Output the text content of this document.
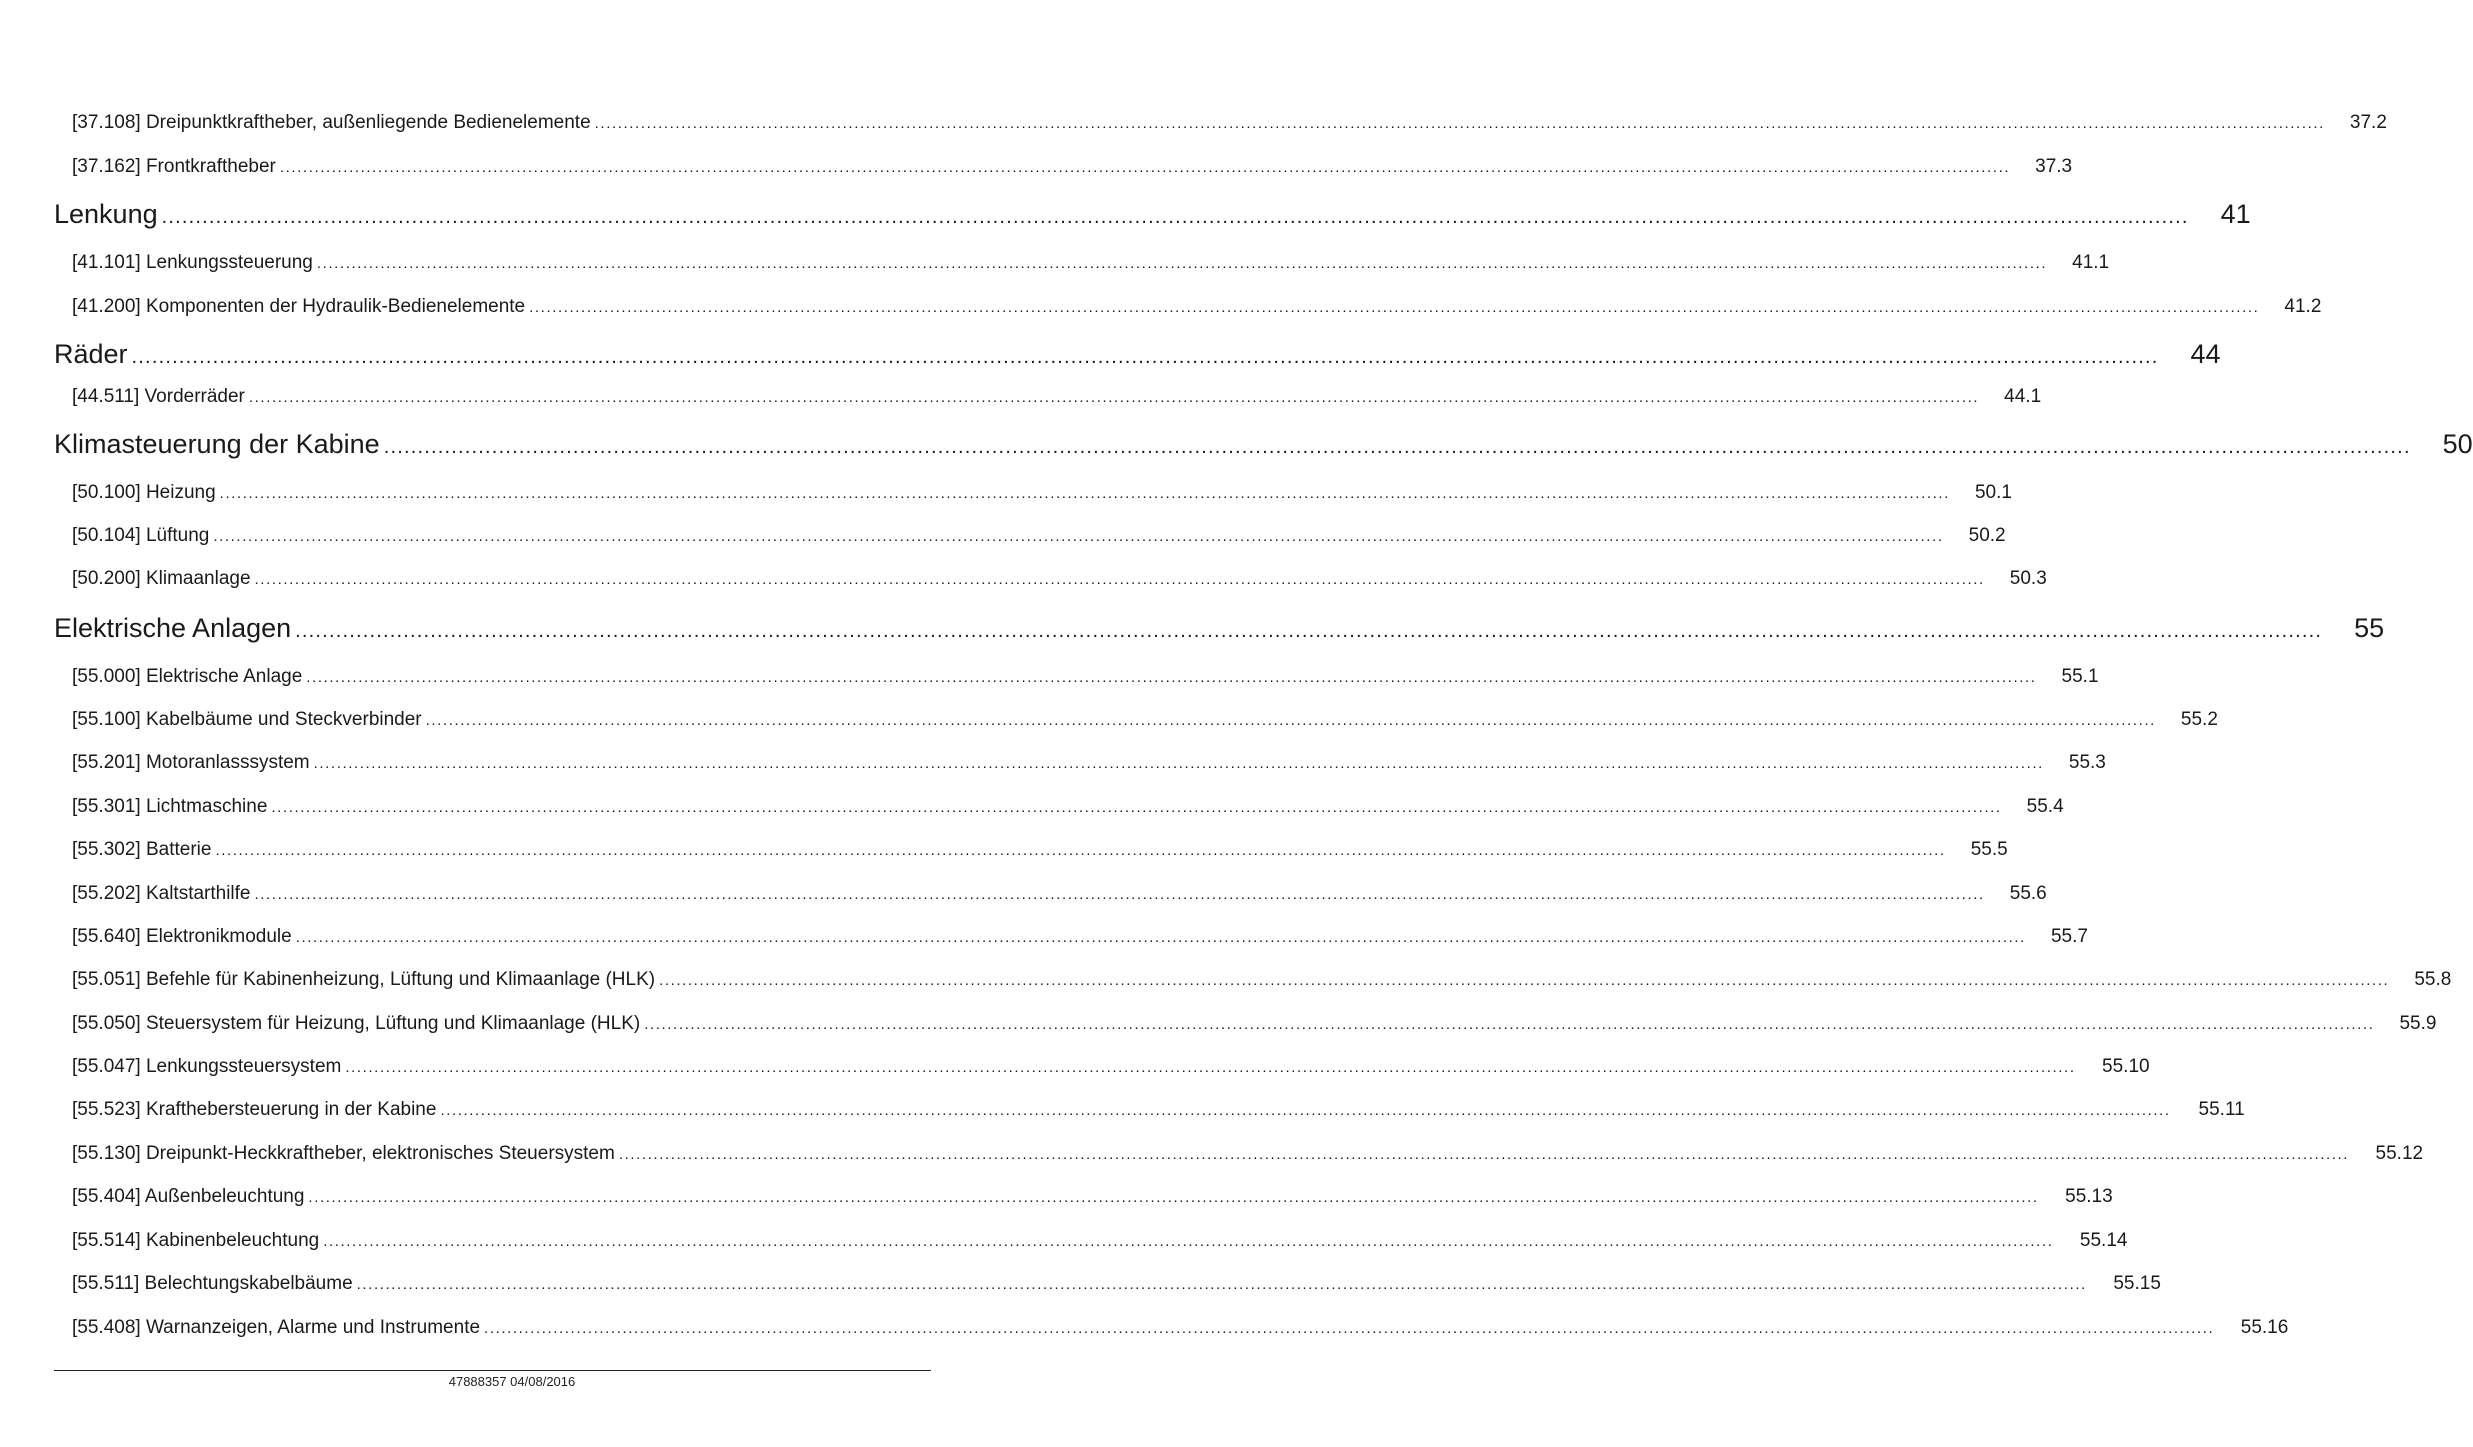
[37.108] Dreipunktkraftheber, außenliegende Bedienelemente ............................................................................................................................................................................................................................................................................................................	37.2
[37.162] Frontkraftheber ............................................................................................................................................................................................................................................................................................................	37.3
Lenkung ............................................................................................................................................................................................................................................................................................................	41
[41.101] Lenkungssteuerung ............................................................................................................................................................................................................................................................................................................	41.1
[41.200] Komponenten der Hydraulik-Bedienelemente ............................................................................................................................................................................................................................................................................................................	41.2
Räder ............................................................................................................................................................................................................................................................................................................	44
[44.511] Vorderräder ............................................................................................................................................................................................................................................................................................................	44.1
Klimasteuerung der Kabine ............................................................................................................................................................................................................................................................................................................	50
[50.100] Heizung ............................................................................................................................................................................................................................................................................................................	50.1
[50.104] Lüftung ............................................................................................................................................................................................................................................................................................................	50.2
[50.200] Klimaanlage ............................................................................................................................................................................................................................................................................................................	50.3
Elektrische Anlagen ............................................................................................................................................................................................................................................................................................................	55
[55.000] Elektrische Anlage ............................................................................................................................................................................................................................................................................................................	55.1
[55.100] Kabelbäume und Steckverbinder ............................................................................................................................................................................................................................................................................................................	55.2
[55.201] Motoranlasssystem ............................................................................................................................................................................................................................................................................................................	55.3
[55.301] Lichtmaschine ............................................................................................................................................................................................................................................................................................................	55.4
[55.302] Batterie ............................................................................................................................................................................................................................................................................................................	55.5
[55.202] Kaltstarthilfe ............................................................................................................................................................................................................................................................................................................	55.6
[55.640] Elektronikmodule ............................................................................................................................................................................................................................................................................................................	55.7
[55.051] Befehle für Kabinenheizung, Lüftung und Klimaanlage (HLK) ............................................................................................................................................................................................................................................................................................................	55.8
[55.050] Steuersystem für Heizung, Lüftung und Klimaanlage (HLK) ............................................................................................................................................................................................................................................................................................................	55.9
[55.047] Lenkungssteuersystem ............................................................................................................................................................................................................................................................................................................	55.10
[55.523] Krafthebersteuerung in der Kabine ............................................................................................................................................................................................................................................................................................................	55.11
[55.130] Dreipunkt-Heckkraftheber, elektronisches Steuersystem ............................................................................................................................................................................................................................................................................................................	55.12
[55.404] Außenbeleuchtung ............................................................................................................................................................................................................................................................................................................	55.13
[55.514] Kabinenbeleuchtung ............................................................................................................................................................................................................................................................................................................	55.14
[55.511] Belechtungskabelbäume ............................................................................................................................................................................................................................................................................................................	55.15
[55.408] Warnanzeigen, Alarme und Instrumente ............................................................................................................................................................................................................................................................................................................	55.16
47888357 04/08/2016
